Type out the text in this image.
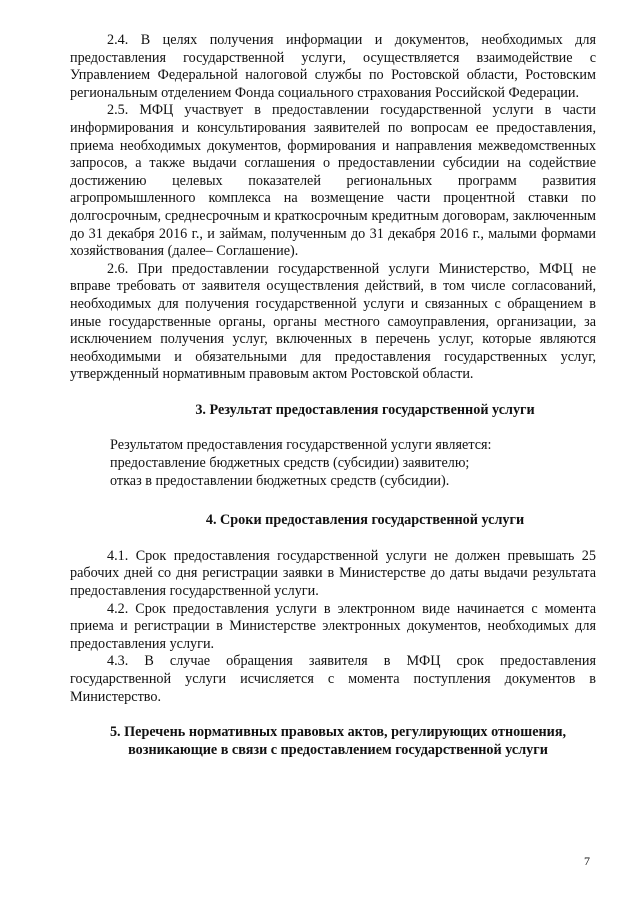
2.4. В целях получения информации и документов, необходимых для предоставления государственной услуги, осуществляется взаимодействие с Управлением Федеральной налоговой службы по Ростовской области, Ростовским региональным отделением Фонда социального страхования Российской Федерации.

2.5. МФЦ участвует в предоставлении государственной услуги в части информирования и консультирования заявителей по вопросам ее предоставления, приема необходимых документов, формирования и направления межведомственных запросов, а также выдачи соглашения о предоставлении субсидии на содействие достижению целевых показателей региональных программ развития агропромышленного комплекса на возмещение части процентной ставки по долгосрочным, среднесрочным и краткосрочным кредитным договорам, заключенным до 31 декабря 2016 г., и займам, полученным до 31 декабря 2016 г., малыми формами хозяйствования (далее– Соглашение).

2.6. При предоставлении государственной услуги Министерство, МФЦ не вправе требовать от заявителя осуществления действий, в том числе согласований, необходимых для получения государственной услуги и связанных с обращением в иные государственные органы, органы местного самоуправления, организации, за исключением получения услуг, включенных в перечень услуг, которые являются необходимыми и обязательными для предоставления государственных услуг, утвержденный нормативным правовым актом Ростовской области.

3. Результат предоставления государственной услуги

Результатом предоставления государственной услуги является:

предоставление бюджетных средств (субсидии) заявителю;

отказ в предоставлении бюджетных средств (субсидии).

4. Сроки предоставления государственной услуги

4.1. Срок предоставления государственной услуги не должен превышать 25 рабочих дней со дня регистрации заявки в Министерстве до даты выдачи результата предоставления государственной услуги.

4.2. Срок предоставления услуги в электронном виде начинается с момента приема и регистрации в Министерстве электронных документов, необходимых для предоставления услуги.

4.3. В случае обращения заявителя в МФЦ срок предоставления государственной услуги исчисляется с момента поступления документов в Министерство.

5. Перечень нормативных правовых актов, регулирующих отношения, возникающие в связи с предоставлением государственной услуги

7
